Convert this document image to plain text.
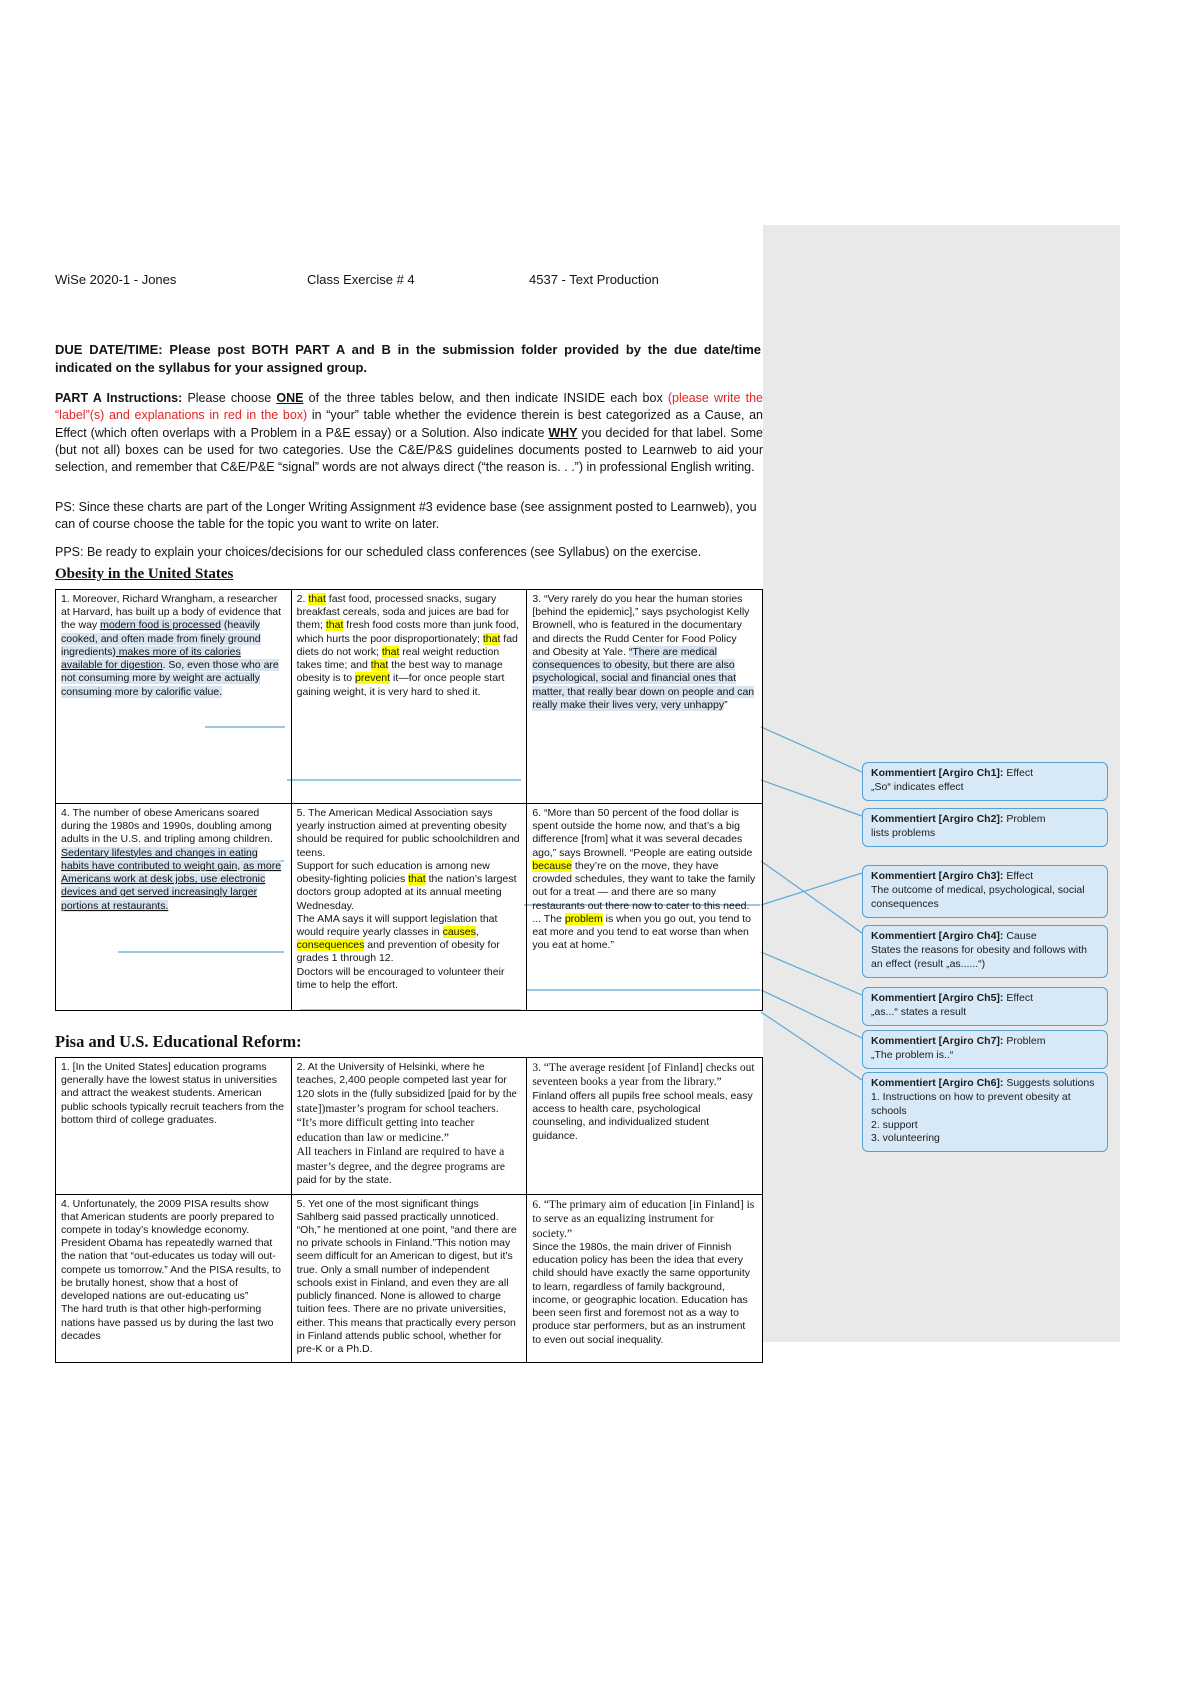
WiSe 2020-1 - Jones	Class Exercise # 4	4537 - Text Production

DUE DATE/TIME: Please post BOTH PART A and B in the submission folder provided by the due date/time indicated on the syllabus for your assigned group.

PART A Instructions: Please choose ONE of the three tables below, and then indicate INSIDE each box (please write the “label”(s) and explanations in red in the box) in “your” table whether the evidence therein is best categorized as a Cause, an Effect (which often overlaps with a Problem in a P&E essay) or a Solution. Also indicate WHY you decided for that label. Some (but not all) boxes can be used for two categories. Use the C&E/P&S guidelines documents posted to Learnweb to aid your selection, and remember that C&E/P&E “signal” words are not always direct (“the reason is. . .”) in professional English writing.

PS: Since these charts are part of the Longer Writing Assignment #3 evidence base (see assignment posted to Learnweb), you can of course choose the table for the topic you want to write on later.

PPS: Be ready to explain your choices/decisions for our scheduled class conferences (see Syllabus) on the exercise.

Obesity in the United States
1. Moreover, Richard Wrangham, a researcher at Harvard, has built up a body of evidence that the way modern food is processed (heavily cooked, and often made from finely ground ingredients) makes more of its calories available for digestion. So, even those who are not consuming more by weight are actually consuming more by calorific value.

2. that fast food, processed snacks, sugary breakfast cereals, soda and juices are bad for them; that fresh food costs more than junk food, which hurts the poor disproportionately; that fad diets do not work; that real weight reduction takes time; and that the best way to manage obesity is to prevent it—for once people start gaining weight, it is very hard to shed it.

3. “Very rarely do you hear the human stories [behind the epidemic],” says psychologist Kelly Brownell, who is featured in the documentary and directs the Rudd Center for Food Policy and Obesity at Yale. “There are medical consequences to obesity, but there are also psychological, social and financial ones that matter, that really bear down on people and can really make their lives very, very unhappy”

4. The number of obese Americans soared during the 1980s and 1990s, doubling among adults in the U.S. and tripling among children. Sedentary lifestyles and changes in eating habits have contributed to weight gain, as more Americans work at desk jobs, use electronic devices and get served increasingly larger portions at restaurants.

5. The American Medical Association says yearly instruction aimed at preventing obesity should be required for public schoolchildren and teens.
Support for such education is among new obesity-fighting policies that the nation’s largest doctors group adopted at its annual meeting Wednesday.
The AMA says it will support legislation that would require yearly classes in causes, consequences and prevention of obesity for grades 1 through 12.
Doctors will be encouraged to volunteer their time to help the effort.

6. “More than 50 percent of the food dollar is spent outside the home now, and that’s a big difference [from] what it was several decades ago,” says Brownell. “People are eating outside because they’re on the move, they have crowded schedules, they want to take the family out for a treat — and there are so many restaurants out there now to cater to this need. ... The problem is when you go out, you tend to eat more and you tend to eat worse than when you eat at home.”
Pisa and U.S. Educational Reform:
1. [In the United States] education programs generally have the lowest status in universities and attract the weakest students. American public schools typically recruit teachers from the bottom third of college graduates.

2. At the University of Helsinki, where he teaches, 2,400 people competed last year for 120 slots in the (fully subsidized [paid for by the state])master’s program for school teachers. “It’s more difficult getting into teacher education than law or medicine.”
All teachers in Finland are required to have a master’s degree, and the degree programs are paid for by the state.

3. “The average resident [of Finland] checks out seventeen books a year from the library.” Finland offers all pupils free school meals, easy access to health care, psychological counseling, and individualized student guidance.

4. Unfortunately, the 2009 PISA results show that American students are poorly prepared to compete in today’s knowledge economy. President Obama has repeatedly warned that the nation that “out-educates us today will out-compete us tomorrow.” And the PISA results, to be brutally honest, show that a host of developed nations are out-educating us”
The hard truth is that other high-performing nations have passed us by during the last two decades

5. Yet one of the most significant things Sahlberg said passed practically unnoticed. “Oh,” he mentioned at one point, “and there are no private schools in Finland.”This notion may seem difficult for an American to digest, but it’s true. Only a small number of independent schools exist in Finland, and even they are all publicly financed. None is allowed to charge tuition fees. There are no private universities, either. This means that practically every person in Finland attends public school, whether for pre-K or a Ph.D.

6. “The primary aim of education [in Finland] is to serve as an equalizing instrument for society.”
Since the 1980s, the main driver of Finnish education policy has been the idea that every child should have exactly the same opportunity to learn, regardless of family background, income, or geographic location. Education has been seen first and foremost not as a way to produce star performers, but as an instrument to even out social inequality.
Kommentiert [Argiro Ch1]: Effect
„So“ indicates effect
Kommentiert [Argiro Ch2]: Problem
lists problems
Kommentiert [Argiro Ch3]: Effect
The outcome of medical, psychological, social consequences
Kommentiert [Argiro Ch4]: Cause
States the reasons for obesity and follows with an effect (result „as......“)
Kommentiert [Argiro Ch5]: Effect
„as...“ states a result
Kommentiert [Argiro Ch7]: Problem
„The problem is..“
Kommentiert [Argiro Ch6]: Suggests solutions
1. Instructions on how to prevent obesity at schools
2. support
3. volunteering
